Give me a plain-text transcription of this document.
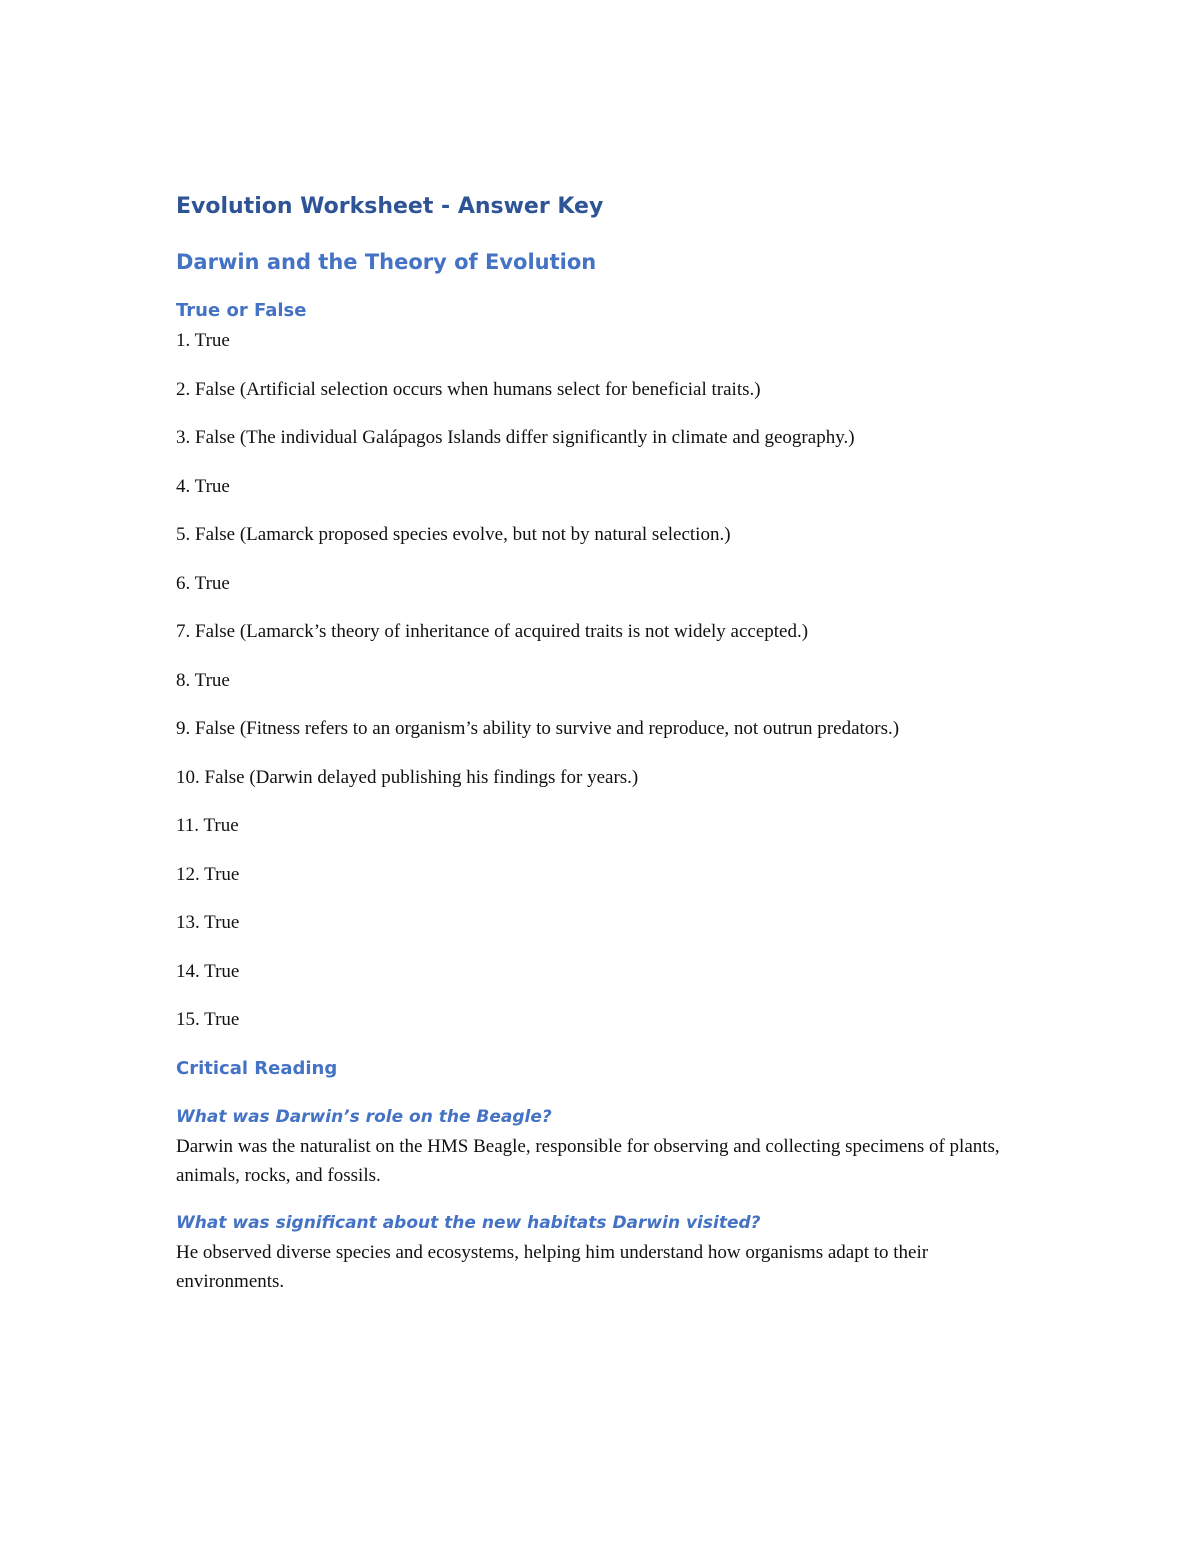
Evolution Worksheet - Answer Key
Darwin and the Theory of Evolution
True or False
1. True
2. False (Artificial selection occurs when humans select for beneficial traits.)
3. False (The individual Galápagos Islands differ significantly in climate and geography.)
4. True
5. False (Lamarck proposed species evolve, but not by natural selection.)
6. True
7. False (Lamarck’s theory of inheritance of acquired traits is not widely accepted.)
8. True
9. False (Fitness refers to an organism’s ability to survive and reproduce, not outrun predators.)
10. False (Darwin delayed publishing his findings for years.)
11. True
12. True
13. True
14. True
15. True
Critical Reading
What was Darwin’s role on the Beagle?

Darwin was the naturalist on the HMS Beagle, responsible for observing and collecting specimens of plants, animals, rocks, and fossils.

What was significant about the new habitats Darwin visited?

He observed diverse species and ecosystems, helping him understand how organisms adapt to their environments.
